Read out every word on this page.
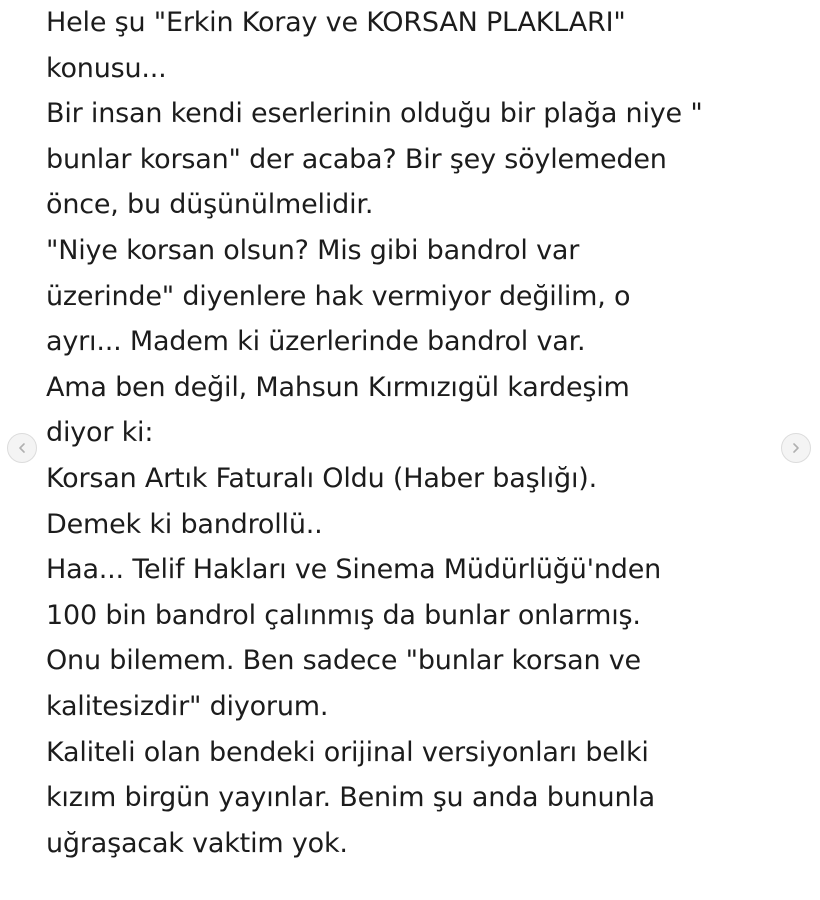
Hele şu "Erkin Koray ve KORSAN PLAKLARI"
konusu...
Bir insan kendi eserlerinin olduğu bir plağa niye "
bunlar korsan" der acaba? Bir şey söylemeden
önce, bu düşünülmelidir.
"Niye korsan olsun? Mis gibi bandrol var
üzerinde" diyenlere hak vermiyor değilim, o
ayrı... Madem ki üzerlerinde bandrol var.
Ama ben değil, Mahsun Kırmızıgül kardeşim
diyor ki:
Korsan Artık Faturalı Oldu (Haber başlığı).
Demek ki bandrollü..
Haa... Telif Hakları ve Sinema Müdürlüğü'nden
100 bin bandrol çalınmış da bunlar onlarmış.
Onu bilemem. Ben sadece "bunlar korsan ve
kalitesizdir" diyorum.
Kaliteli olan bendeki orijinal versiyonları belki
kızım birgün yayınlar. Benim şu anda bununla
uğraşacak vaktim yok.
